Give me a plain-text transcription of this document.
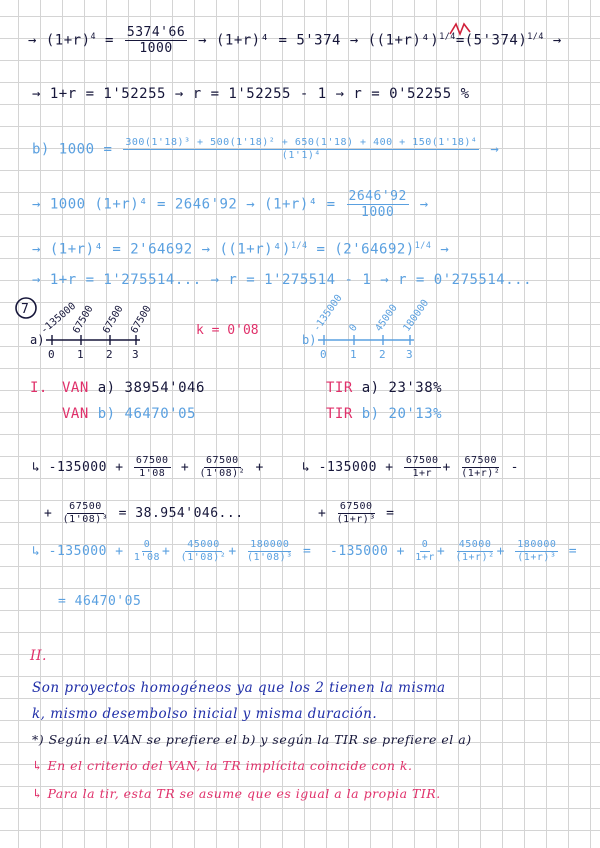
→ $(1+r)^4 = \frac{5374'66}{1000} \to (1+r)^4 = 5'374 \to ((1+r)^4)^{1/4}=(5'374)^{1/4}$ →
→ 1+r = 1'52255 → r = 1'52255 - 1 → r = 0'52255 %
b) $1000 = \frac{\text{300(1'18)³ + 500(1'18)² + 650(1'18) + 400 + 150(1'18)⁴}}{\text{(1'1)⁴}}$ →
→ 1000 $(1+r)^4 = 2646'92 \to (1+r)^4 = \frac{2646'92}{1000}$ →
→ $(1+r)^4 = 2'64692 \to ((1+r)^4)^{1/4} = (2'64692)^{1/4}$ →
→ 1+r = 1'275514... → r = 1'275514 - 1 → r = 0'275514...
7
a)
-135000
67500 67500 67500
0 1 2 3
k = 0'08
b)
-135000 0 45000 180000
0 1 2 3
I. VAN a) 38954'046
VAN b) 46470'05
TIR a) 23'38%
TIR b) 20'13%
↳ $-135000 + \frac{67500}{1'08} + \frac{67500}{\text{(1'08)²}}$ +
+ $\frac{67500}{\text{(1'08)³}} = 38.954'046$...
↳ $-135000 + \frac{0}{1'08} + \frac{45000}{\text{(1'08)²}} + \frac{180000}{\text{(1'08)³}}$ =
= 46470'05
↳ $-135000 + \frac{67500}{1+r} + \frac{67500}{\text{(1+r)²}}$ -
+ $\frac{67500}{\text{(1+r)³}}$ =
$-135000 + \frac{0}{1+r} + \frac{45000}{\text{(1+r)²}} + \frac{180000}{\text{(1+r)³}}$ =
II.
Son proyectos homogéneos ya que los 2 tienen la misma
k, mismo desembolso inicial y misma duración.
*) Según el VAN se prefiere el b) y según la TIR se prefiere el a)
↳ En el criterio del VAN, la TR implícita coincide con k.
↳ Para la tir, esta TR se asume que es igual a la propia TIR.
